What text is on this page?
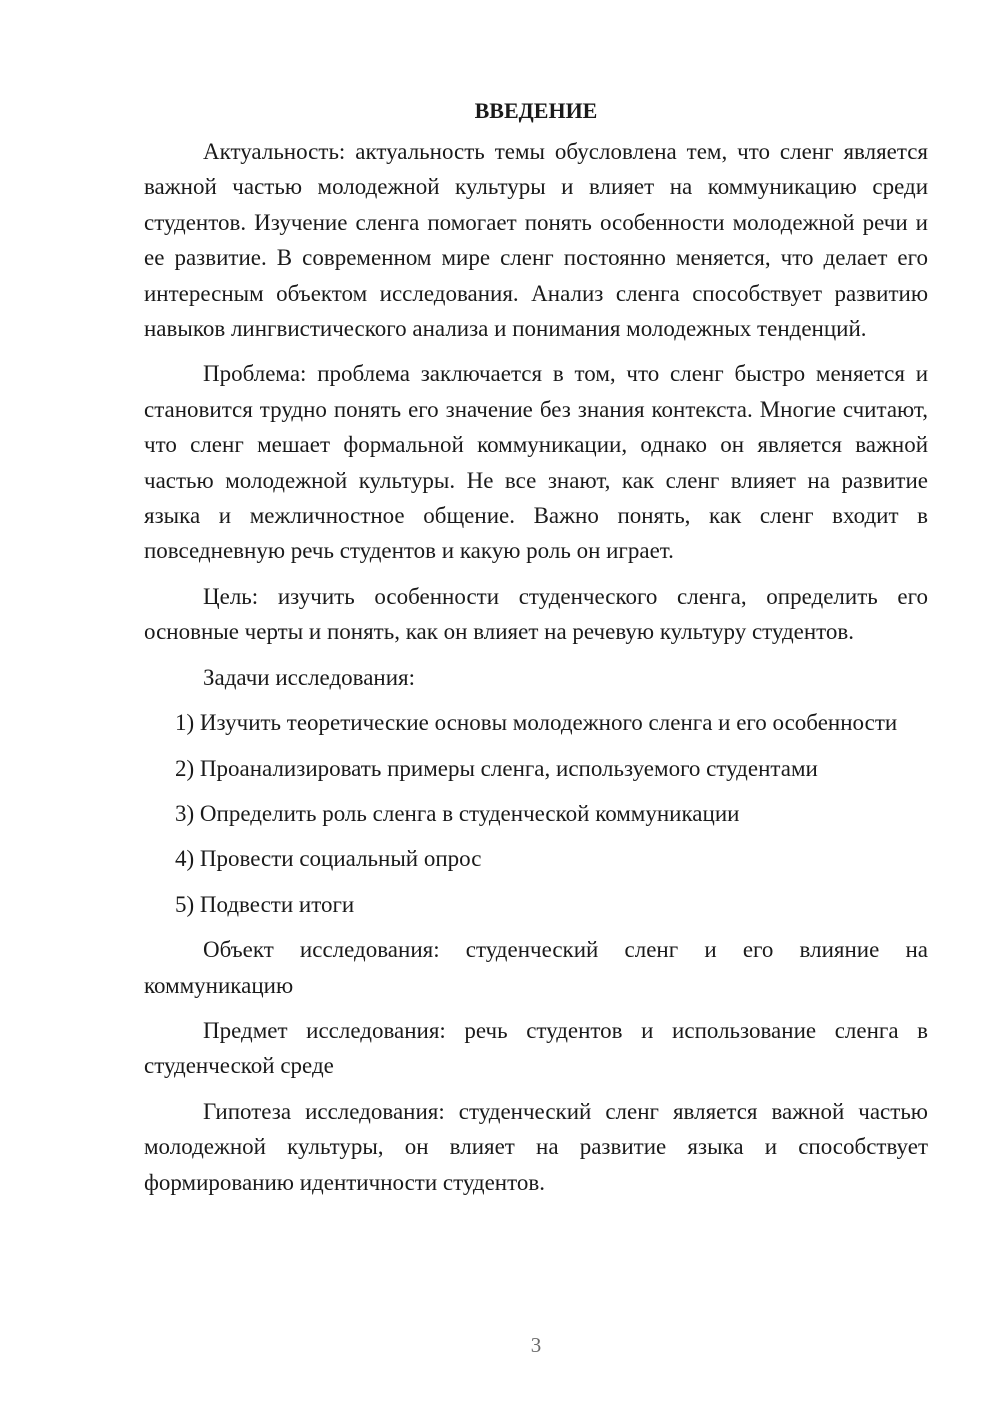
ВВЕДЕНИЕ

Актуальность: актуальность темы обусловлена тем, что сленг является важной частью молодежной культуры и влияет на коммуникацию среди студентов. Изучение сленга помогает понять особенности молодежной речи и ее развитие. В современном мире сленг постоянно меняется, что делает его интересным объектом исследования. Анализ сленга способствует развитию навыков лингвистического анализа и понимания молодежных тенденций.

Проблема: проблема заключается в том, что сленг быстро меняется и становится трудно понять его значение без знания контекста. Многие считают, что сленг мешает формальной коммуникации, однако он является важной частью молодежной культуры. Не все знают, как сленг влияет на развитие языка и межличностное общение. Важно понять, как сленг входит в повседневную речь студентов и какую роль он играет.

Цель: изучить особенности студенческого сленга, определить его основные черты и понять, как он влияет на речевую культуру студентов.

Задачи исследования:

1) Изучить теоретические основы молодежного сленга и его особенности
2) Проанализировать примеры сленга, используемого студентами
3) Определить роль сленга в студенческой коммуникации
4) Провести социальный опрос
5) Подвести итоги

Объект исследования: студенческий сленг и его влияние на коммуникацию

Предмет исследования: речь студентов и использование сленга в студенческой среде

Гипотеза исследования: студенческий сленг является важной частью молодежной культуры, он влияет на развитие языка и способствует формированию идентичности студентов.

3
